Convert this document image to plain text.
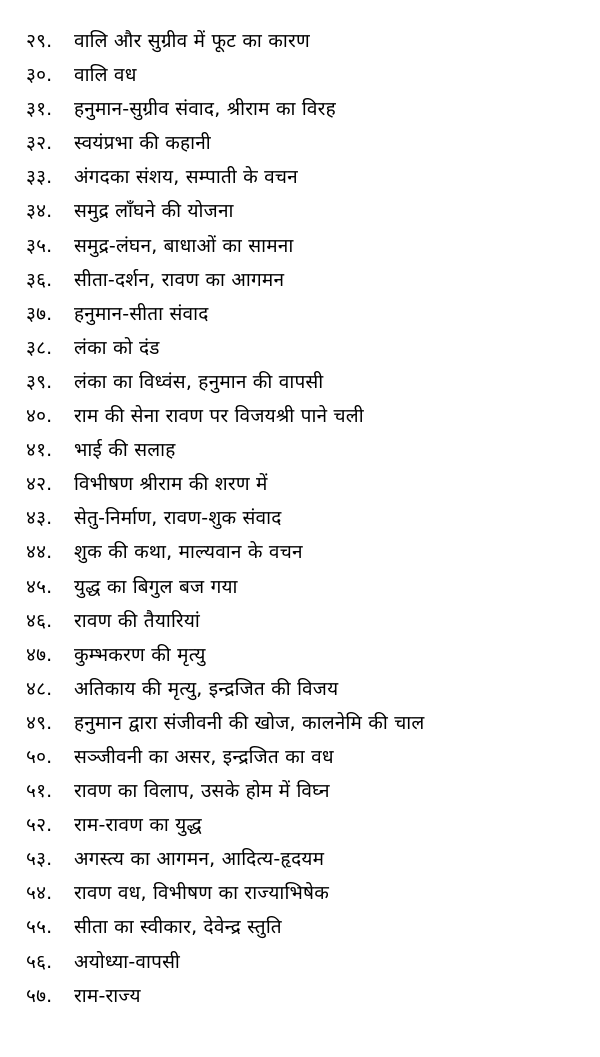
२९. वालि और सुग्रीव में फूट का कारण
३०. वालि वध
३१. हनुमान-सुग्रीव संवाद, श्रीराम का विरह
३२. स्वयंप्रभा की कहानी
३३. अंगदका संशय, सम्पाती के वचन
३४. समुद्र लाँघने की योजना
३५. समुद्र-लंघन, बाधाओं का सामना
३६. सीता-दर्शन, रावण का आगमन
३७. हनुमान-सीता संवाद
३८. लंका को दंड
३९. लंका का विध्वंस, हनुमान की वापसी
४०. राम की सेना रावण पर विजयश्री पाने चली
४१. भाई की सलाह
४२. विभीषण श्रीराम की शरण में
४३. सेतु-निर्माण, रावण-शुक संवाद
४४. शुक की कथा, माल्यवान के वचन
४५. युद्ध का बिगुल बज गया
४६. रावण की तैयारियां
४७. कुम्भकरण की मृत्यु
४८. अतिकाय की मृत्यु, इन्द्रजित की विजय
४९. हनुमान द्वारा संजीवनी की खोज, कालनेमि की चाल
५०. सञ्जीवनी का असर, इन्द्रजित का वध
५१. रावण का विलाप, उसके होम में विघ्न
५२. राम-रावण का युद्ध
५३. अगस्त्य का आगमन, आदित्य-हृदयम
५४. रावण वध, विभीषण का राज्याभिषेक
५५. सीता का स्वीकार, देवेन्द्र स्तुति
५६. अयोध्या-वापसी
५७. राम-राज्य
